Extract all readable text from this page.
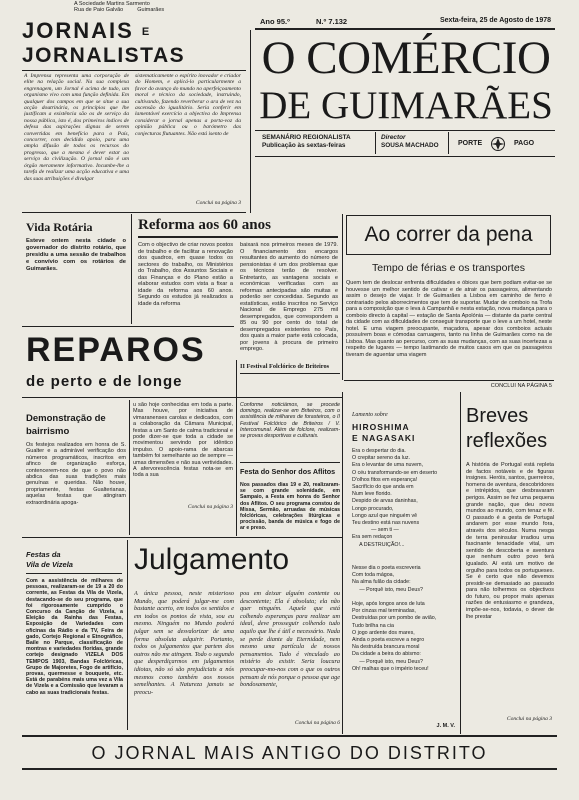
A Sociedade Martins Sarmento
Rua de Paio Galvão	Guimarães
JORNAIS E
JORNALISTAS
A Imprensa representa uma corporação de elite na relação social. Na sua complexa engrenagem, um Jornal é acima de tudo, um organismo vivo com uma função definida. Em qualquer dos campos em que se situe a sua acção doutrinária, os princípios que lhe justificam a existência são os de serviço da nossa pública, isto é, dos primeiros índices de defesa das aspirações dignas de serem convertidas em benefício para o País, concorrer, com decidido apoio, para uma ampla difusão de todos os recursos do progresso, que a mesma é dever estar ao serviço da civilização. O jornal não é um órgão meramente informativo. Incumbe-lhe a tarefa de realizar uma acção educativa e uma das suas atribuições é divulgar
sistematicamente o espírito inovador e criador do Homem, e aplicá-lo particularmente a favor do avanço do mundo no aperfeiçoamento moral e técnico da sociedade, instruindo, cultivando, fazendo reverberar o ara de vez na ascensão do igualitário. Seria conferir em lamentável exercício a objectiva do Imprensa considerar o jornal apenas a porta-voz da opinião pública ou o barómetro das conjecturas flutuantes. Não está isento de
Conclui na página 3
Ano 95.º	N.º 7.132	Sexta-feira, 25 de Agosto de 1978
O COMÉRCIO
DE GUIMARÃES
SEMANÁRIO REGIONALISTA
Publicação às sextas-feiras
Director
SOUSA MACHADO	PORTE	PAGO
Vida Rotária
Esteve ontem nesta cidade o governador do distrito rotário, que presidiu a uma sessão de trabalhos e convívio com os rotários de Guimarães.
Reforma aos 60 anos
Com o objectivo de criar novos postos de trabalho e de facilitar a renovação dos quadros, em quase todos os sectores do trabalho, os Ministérios do Trabalho, dos Assuntos Sociais e das Finanças e do Plano estão a elaborar estudos com vista a fixar a idade da reforma aos 60 anos. Segundo os estudos já realizados a idade da reforma
baixará nos primeiros meses de 1979. O financiamento dos encargos resultantes do aumento do número de pensionistas é um dos problemas que os técnicos terão de resolver. Entretanto, as vantagens sociais e económicas verificadas com as reformas antecipadas são muitas e poderão ser concedidas. Segundo as estatísticas, estão inscritos no Serviço Nacional de Emprego 275 mil desempregados, que correspondem a 85 ou 90 por cento do total de desempregados existentes no País, dos quais a maior parte está colocada, por jovens à procura de primeiro emprego.
Ao correr da pena
Tempo de férias e os transportes
Quem tem de deslocar enfrenta dificuldades e óbices que bem podiam evitar-se se houvesse um melhor sentido de cativar e de atrair os passageiros, alimentando assim o desejo de viajar. Ir de Guimarães a Lisboa em caminho de ferro é contrariado pelos aborrecimentos que tem de suportar. Mudar de comboio na Trofa para a composição que o leva à Campanhã e nesta estação, nova mudança para o comboio directo à capital — estação de Santa Apolónia — distante da parte central da cidade com as dificuldades de conseguir transporte que o leve a um hotel, neste hotel. E uma viagem preocupante, maçadora, apesar dos comboios actuais possuírem boas e cómodas carruagens, tanto na linha de Guimarães como na de Lisboa. Mas quanto ao percurso, com as suas mudanças, com as suas incertezas a respeito de lugares — tempo lastimando de muitos casos em que os passageiros tiveram de aguentar uma viagem
CONCLUI NA PÁGINA 5
REPAROS
de perto e de longe
II Festival Folclórico de Briteiros
Conforme noticiámos, se procede domingo, realizar-se em Briteiros, com o assistência de milhares de forasteiros, o II Festival Folclórico de Briteiros / V. Intercomunal. Além de folclore, realizam-se provas desportivas e culturais.
Demonstração de bairrismo
Os festejos realizados em honra de S. Gualter e a admirável verificação dos números programáticos, inscritos em afinco de organização esforça, contencerem-nos de que o povo não abdica das suas tradições mais genuínas e queridas. Não houve, propriamente, festas Gualterianas, aquelas festas que atingiram extraordinária apoga-
u são hoje conhecidas em toda a parte. Mas houve, por iniciativa de vimaranenses carolas e dedicados, com a colaboração da Câmara Municipal, festas a um Santo de calma tradicional e pode dizer-se que toda a cidade se movimentou servindo por idêntico impulso. O apoio-rama de abarcas também foi semelhante ao de sempre — umas dimensões e não sua vertividades. A afervorescência festas nota-se em toda a sua
Conclui na página 3
Festa do Senhor dos Aflitos
Nos passados dias 19 e 20, realizaram-se com grande solenidade, em Sampaio, a Festa em honra do Senhor dos Aflitos. O seu programa constou de Missa, Sermão, arruadas de músicas folclóricas, celebrações litúrgicas e procissão, banda de música e fogo de ar e preso.
Festas da
Vila de Vizela
Com a assistência de milhares de pessoas, realizaram-se de 19 a 20 do corrente, as Festas da Vila de Vizela, destacando-se do seu programa, que foi rigorosamente cumprido o Concurso da Canção de Vizela, a Eleição da Rainha das Festas, Exposição de Variedades com oficinas da Rádio e da TV, Feira de gado, Cortejo Regional e Etnográfico, Baile no Parque, classificação de montras e variedades floridas, grande cortejo designado VIZELA DOS TEMPOS 1903, Bandas Folclóricas, Grupo de Majoretes, Fogo de artifício, provas, quermesse e bouquete, etc. Está de parabéns mais uma vez a Vila de Vizela e a Comissão que levaram a cabo as suas tradicionais festas.
Julgamento
A única pessoa, neste misterioso Mundo, que poderá julgar-me com bastante acerto, em todos os sentidos e em todos os pontos de vista, sou eu mesmo. Ninguém no Mundo poderá julgar sem se desvalorizar de uma forma absoluta adquirir. Portanto, todos os julgamentos que partem dos outros não me atingem. Todo o segundo que desperdiçarmos em julgamentos idiotas, não só são prejudiciais a nós mesmos como também aos nossos semelhantes. A Natureza jamais se preocu-
pou em deixar alguém contente ou descontente; Ela é absoluta; ela não quer ninguém. Aquele que está colhendo esperanças para realizar um ideal, deve prosseguir colhendo tudo aquilo que lhe é útil e necessário. Nada se perde diante da Eternidade, nem mesmo uma partícula de nossos pensamentos. Tudo é vinculado ao mistério do existir. Seria loucura preocupar-mo-nos com o que os outros pensam de nós porque o pessoa que age bondosamente,
Conclui na página 6
Lamento sobre
HIROSHIMA
E NAGASAKI
Era o despertar do dia.
O crepitar sereno da luz.
Era o levantar de uma nuvem,
O céu transformando-se em deserto
D'olhos fitos em esperança!
Sacrifício do que anda em
Num leve florido.
Despido de arvas daninhas,
Longo procurado,
Longo azul que ninguém vê
Teu destino está nas nuvens
— sem ti —
Era sem redaçon
A DESTRUIÇÃO!...
Nesse dia o poeta escreveria
Com toda mágoa,
Na alma fulão da cidade:
— Porquê isto, meu Deus?

Hoje, após longos anos de luta
Por cinzas mal terminadas,
Destruídas por um pombo de avião,
Tudo brilha na cia
O jogo ardente dos mares,
Ainda o poeta escreve a negro
Na destruída brancura moral
Da cidade a beira do abismo:
— Porquê isto, meu Deus?
Oh! malhas que o império teceu!
J. M. V.
Breves
reflexões
A história de Portugal está repleta de factos notáveis e de figuras insignes. Heróis, santos, guerreiros, homens de aventura, descobridores e intrépidos, que desbravaram perigos. Assim se fez uma pequena grande nação, que deu novos mundos ao mundo, com tenaz e fé. O passado é a gesta de Portugal andarem por esse mundo fora, através dos séculos. Numa nesga de terra peninsular irradiou uma fascinante tenacidade vital, um sentido de descoberta e aventura que nenhum outro povo terá igualado. Aí está um motivo de orgulho para todos os portugueses. Se é certo que não devemos presidir-se demasiado ao passado para não tolhermos os objectivos do futuro, ou propor mais apenas razões de entusiasmo e grandeza, impõe-se-nos, todavia, o dever de lhe prestar
Conclui na página 3
O JORNAL MAIS ANTIGO DO DISTRITO
